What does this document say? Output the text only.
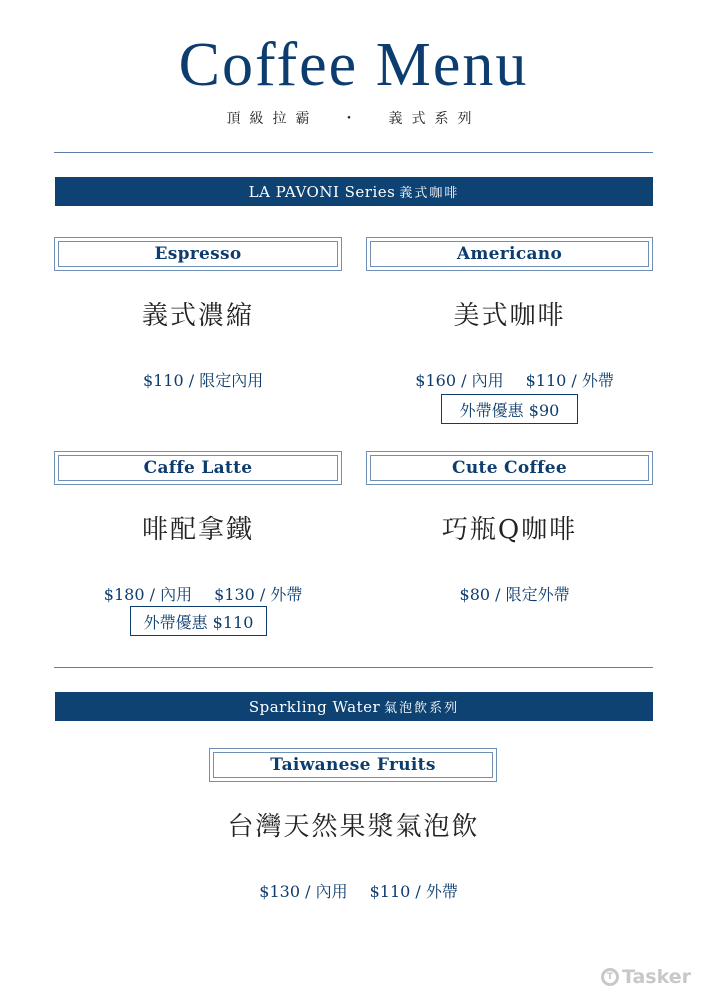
Coffee Menu
頂級拉霸 ・ 義式系列
LA PAVONI Series 義式咖啡
Espresso
義式濃縮

$110 / 限定內用

Americano
美式咖啡

$160 / 內用 $110 / 外帶

外帶優惠 $90
Caffe Latte
啡配拿鐵

$180 / 內用 $130 / 外帶

外帶優惠 $110
Cute Coffee
巧瓶Q咖啡

$80 / 限定外帶

Sparkling Water 氣泡飲系列
Taiwanese Fruits
台灣天然果漿氣泡飲

$130 / 內用 $110 / 外帶

T Tasker
